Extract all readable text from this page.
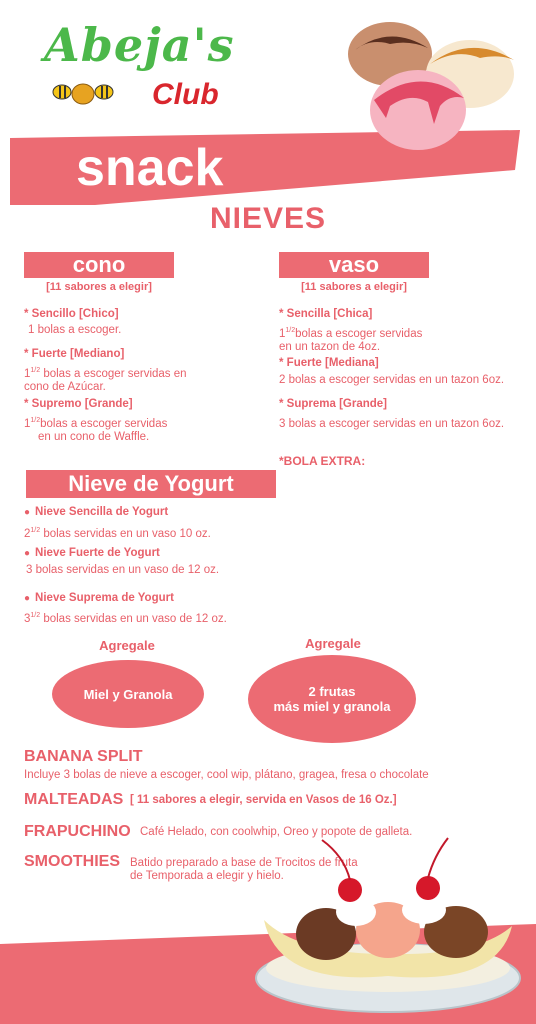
Abeja's
Club
snack
NIEVES
cono
[11 sabores a elegir]
* Sencillo [Chico]
1 bolas a escoger.
* Fuerte [Mediano]
$1^{1/2}$ bolas a escoger servidas en
cono de Azúcar.
* Supremo [Grande]
$1^{1/2}bolas$ a escoger servidas
en un cono de Waffle.
vaso
[11 sabores a elegir]
* Sencilla [Chica]
$1^{1/2}bolas$ a escoger servidas
en un tazon de 4oz.
* Fuerte [Mediana]
2 bolas a escoger servidas en un tazon 6oz.
* Suprema [Grande]
3 bolas a escoger servidas en un tazon 6oz.
*BOLA EXTRA:
Nieve de Yogurt
● Nieve Sencilla de Yogurt
$2^{1/2}$ bolas servidas en un vaso 10 oz.
● Nieve Fuerte de Yogurt
3 bolas servidas en un vaso de 12 oz.
● Nieve Suprema de Yogurt
$3^{1/2}$ bolas servidas en un vaso de 12 oz.
Agregale
Miel y Granola
Agregale
2 frutas
más miel y granola
BANANA SPLIT
Incluye 3 bolas de nieve a escoger, cool wip, plátano, gragea, fresa o chocolate
MALTEADAS [ 11 sabores a elegir, servida en Vasos de 16 Oz.]
FRAPUCHINO Café Helado, con coolwhip, Oreo y popote de galleta.
SMOOTHIES Batido preparado a base de Trocitos de fruta
de Temporada a elegir y hielo.
